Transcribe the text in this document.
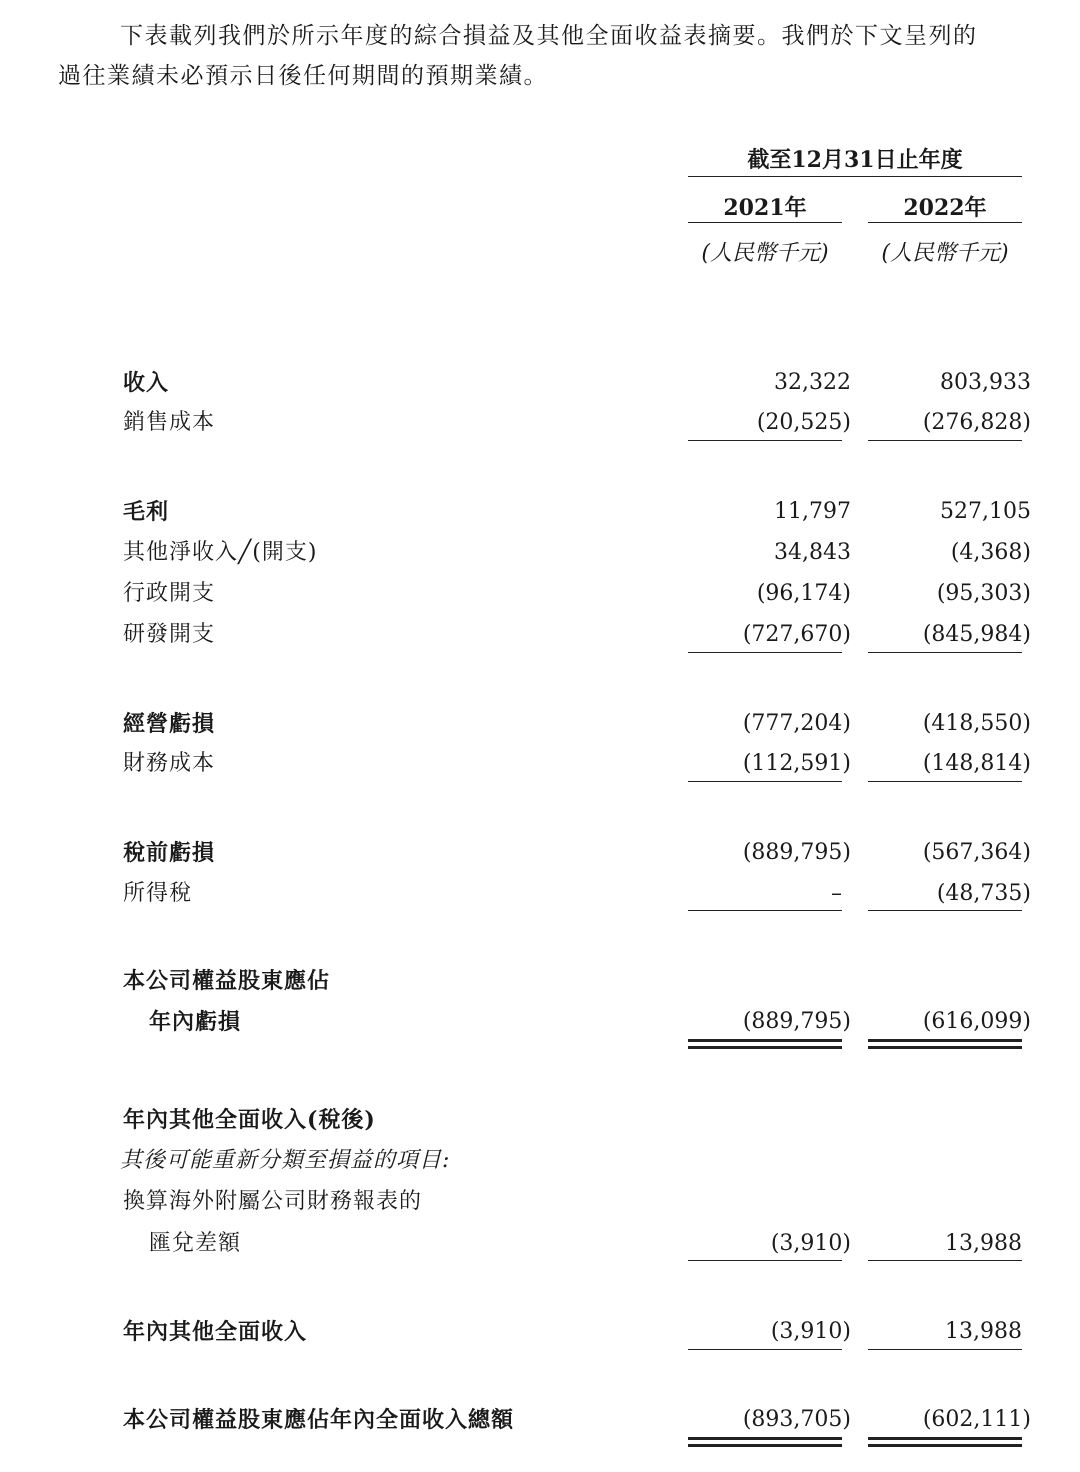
下表載列我們於所示年度的綜合損益及其他全面收益表摘要。我們於下文呈列的
過往業績未必預示日後任何期間的預期業績。
截至12月31日止年度
2021年	2022年
(人民幣千元)	(人民幣千元)
收入	32,322	803,933
銷售成本	(20,525)	(276,828)
毛利	11,797	527,105
其他淨收入╱(開支)	34,843	(4,368)
行政開支	(96,174)	(95,303)
研發開支	(727,670)	(845,984)
經營虧損	(777,204)	(418,550)
財務成本	(112,591)	(148,814)
稅前虧損	(889,795)	(567,364)
所得稅	–	(48,735)
本公司權益股東應佔
年內虧損	(889,795)	(616,099)
年內其他全面收入(稅後)
其後可能重新分類至損益的項目:
換算海外附屬公司財務報表的
匯兌差額	(3,910)	13,988
年內其他全面收入	(3,910)	13,988
本公司權益股東應佔年內全面收入總額	(893,705)	(602,111)
